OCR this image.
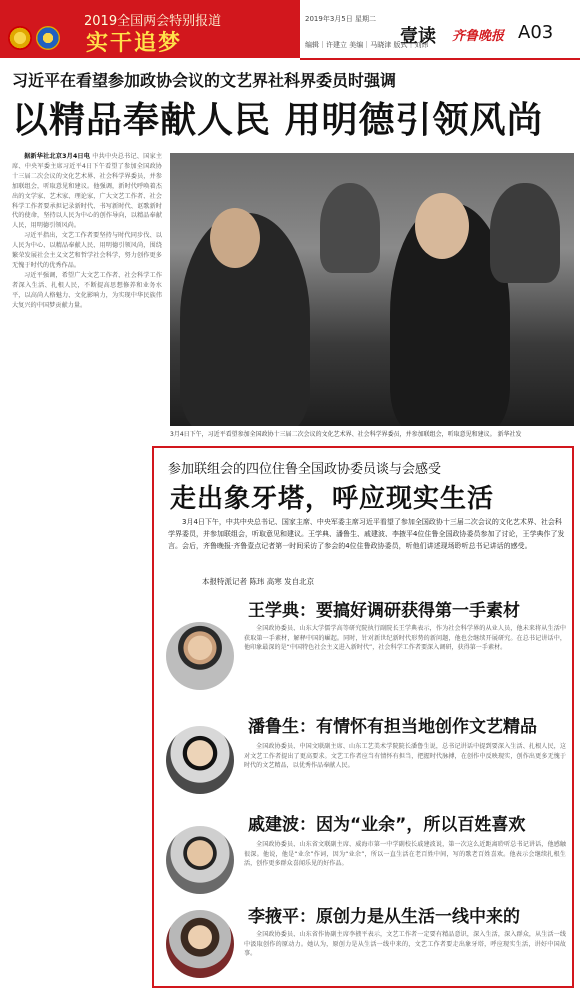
2019全国两会特别报道
实干追梦
2019年3月5日 星期二
编辑｜许建立 美编｜马晓津 版式｜刘炜
壹读 齐鲁晚报 A03
习近平在看望参加政协会议的文艺界社科界委员时强调
以精品奉献人民 用明德引领风尚

据新华社北京3月4日电 中共中央总书记、国家主席、中央军委主席习近平4日下午看望了参加全国政协十三届二次会议的文化艺术界、社会科学界委员，并参加联组会，听取意见和建议。他强调，新时代呼唤着杰出的文学家、艺术家、理论家，广大文艺工作者、社会科学工作者要承担记录新时代、书写新时代、讴歌新时代的使命，坚持以人民为中心的创作导向，以精品奉献人民，用明德引领风尚。

习近平指出，文艺工作者要坚持与时代同步伐、以人民为中心、以精品奉献人民、用明德引领风尚，围绕繁荣发展社会主义文艺和哲学社会科学，努力创作更多无愧于时代的优秀作品。

习近平强调，希望广大文艺工作者、社会科学工作者深入生活、扎根人民，不断提高思想修养和业务水平，以高尚人格魅力、文化影响力，为实现中华民族伟大复兴的中国梦贡献力量。

3月4日下午，习近平看望参加全国政协十三届二次会议的文化艺术界、社会科学界委员，并参加联组会，听取意见和建议。 新华社发
参加联组会的四位住鲁全国政协委员谈与会感受
走出象牙塔，呼应现实生活
3月4日下午，中共中央总书记、国家主席、中央军委主席习近平看望了参加全国政协十三届二次会议的文化艺术界、社会科学界委员，并参加联组会，听取意见和建议。王学典、潘鲁生、戚建波、李掖平4位住鲁全国政协委员参加了讨论，王学典作了发言。会后，齐鲁晚报·齐鲁壹点记者第一时间采访了参会的4位住鲁政协委员，听他们讲述现场聆听总书记讲话的感受。
本报特派记者 陈玮 高寒 发自北京
王学典：要搞好调研获得第一手素材
全国政协委员、山东大学儒学高等研究院执行副院长王学典表示，作为社会科学界的从业人员，他未来将从生活中获取第一手素材，解释中国的崛起。同时，针对新世纪新时代形势的新问题，他也会继续开展研究。在总书记讲话中，他印象最深的是“中国特色社会主义进入新时代”，社会科学工作者要深入调研，获得第一手素材。
潘鲁生：有情怀有担当地创作文艺精品
全国政协委员、中国文联副主席、山东工艺美术学院院长潘鲁生说，总书记讲话中提到要深入生活、扎根人民，这对文艺工作者提出了更高要求。文艺工作者应当有情怀有担当，把握时代脉搏，在创作中反映现实，创作出更多无愧于时代的文艺精品，以优秀作品奉献人民。
戚建波：因为“业余”，所以百姓喜欢
全国政协委员、山东省文联副主席、威海市第一中学副校长戚建波说，第一次这么近距离聆听总书记讲话，他感触很深。他说，他是“业余”作词，因为“业余”，所以一直生活在老百姓中间，写的歌老百姓喜欢。他表示会继续扎根生活，创作更多群众喜闻乐见的好作品。
李掖平：原创力是从生活一线中来的
全国政协委员、山东省作协副主席李掖平表示，文艺工作者一定要有精品意识，深入生活，深入群众，从生活一线中汲取创作的原动力。她认为，原创力是从生活一线中来的，文艺工作者要走出象牙塔，呼应现实生活，讲好中国故事。
